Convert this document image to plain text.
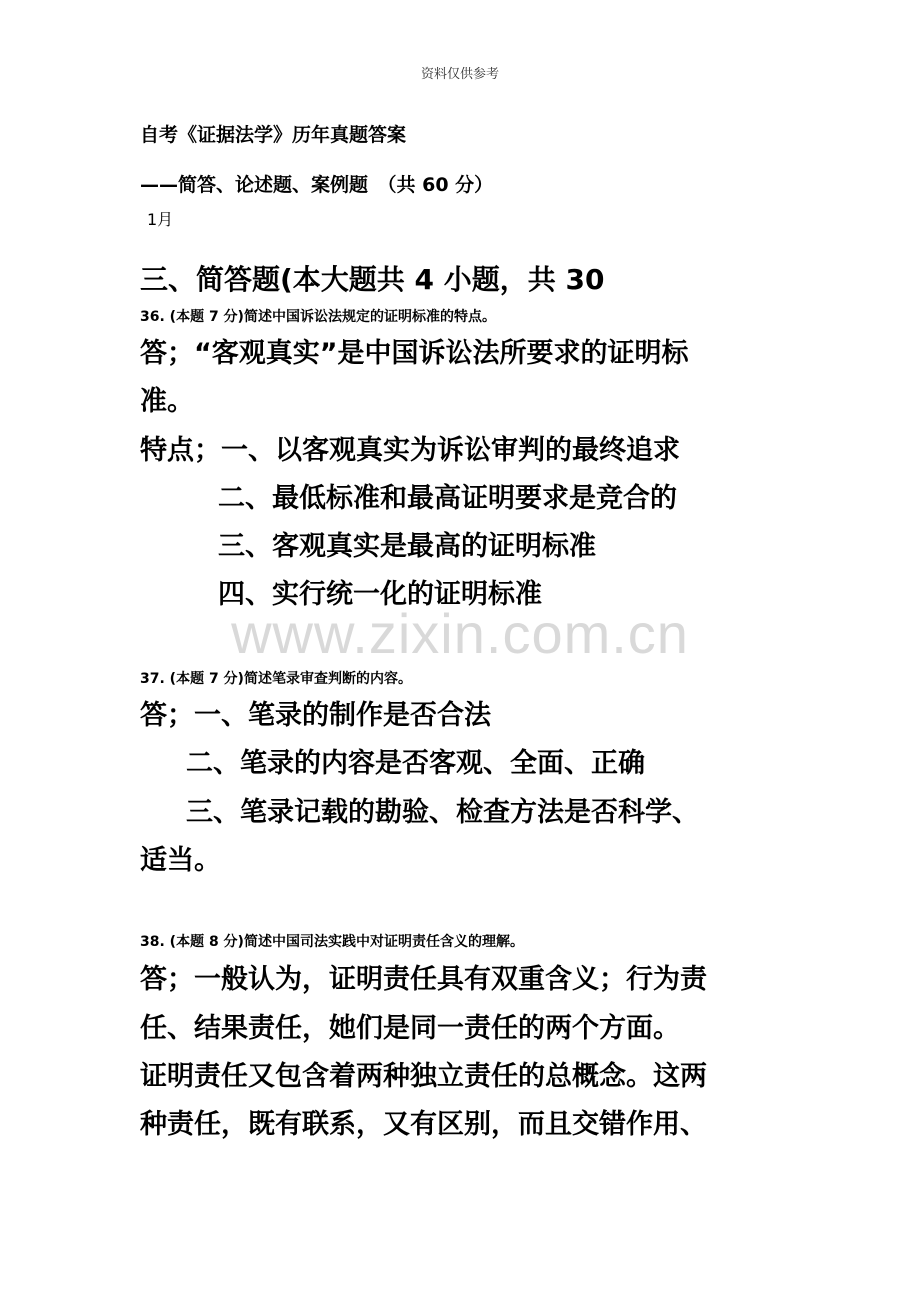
资料仅供参考
自考《证据法学》历年真题答案
——简答、论述题、案例题　（共 60 分）
1月
三、简答题(本大题共 4 小题，共 30
36. (本题 7 分)简述中国诉讼法规定的证明标准的特点。
答；“客观真实”是中国诉讼法所要求的证明标
准。
特点；一、以客观真实为诉讼审判的最终追求
二、最低标准和最高证明要求是竞合的
三、客观真实是最高的证明标准
四、实行统一化的证明标准
www.zixin.com.cn
37. (本题 7 分)简述笔录审查判断的内容。
答；一、笔录的制作是否合法
二、笔录的内容是否客观、全面、正确
三、笔录记载的勘验、检查方法是否科学、
适当。
38. (本题 8 分)简述中国司法实践中对证明责任含义的理解。
答；一般认为，证明责任具有双重含义；行为责
任、结果责任，她们是同一责任的两个方面。
证明责任又包含着两种独立责任的总概念。这两
种责任，既有联系，又有区别，而且交错作用、
